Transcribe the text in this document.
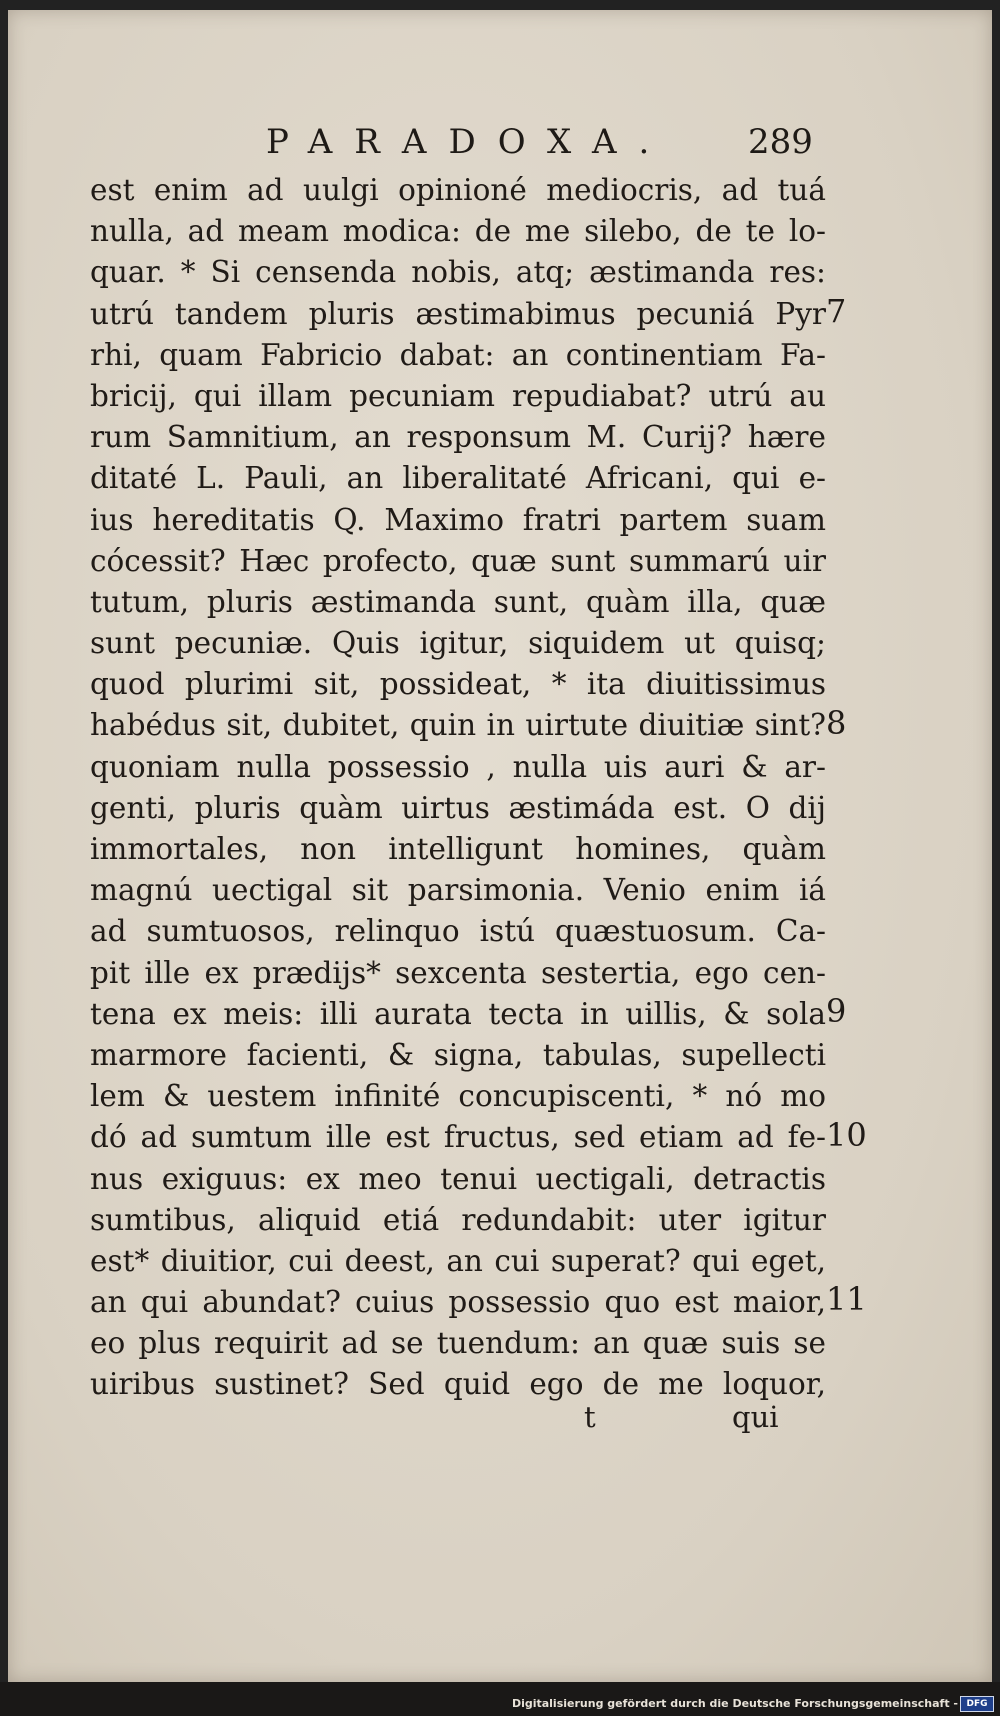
PARADOXA. 289
est enim ad uulgi opinioné mediocris, ad tuá
nulla, ad meam modica: de me silebo, de te lo-
quar. * Si censenda nobis, atq; æstimanda res:
utrú tandem pluris æstimabimus pecuniá Pyr
rhi, quam Fabricio dabat: an continentiam Fa-
bricij, qui illam pecuniam repudiabat? utrú au
rum Samnitium, an responsum M. Curij? hære
ditaté L. Pauli, an liberalitaté Africani, qui e-
ius hereditatis Q. Maximo fratri partem suam
cócessit? Hæc profecto, quæ sunt summarú uir
tutum, pluris æstimanda sunt, quàm illa, quæ
sunt pecuniæ. Quis igitur, siquidem ut quisq;
quod plurimi sit, possideat, * ita diuitissimus
habédus sit, dubitet, quin in uirtute diuitiæ sint?
quoniam nulla possessio , nulla uis auri & ar-
genti, pluris quàm uirtus æstimáda est. O dij
immortales, non intelligunt homines, quàm
magnú uectigal sit parsimonia. Venio enim iá
ad sumtuosos, relinquo istú quæstuosum. Ca-
pit ille ex prædijs* sexcenta sestertia, ego cen-
tena ex meis: illi aurata tecta in uillis, & sola
marmore facienti, & signa, tabulas, supellecti
lem & uestem infinité concupiscenti, * nó mo
dó ad sumtum ille est fructus, sed etiam ad fe-
nus exiguus: ex meo tenui uectigali, detractis
sumtibus, aliquid etiá redundabit: uter igitur
est* diuitior, cui deest, an cui superat? qui eget,
an qui abundat? cuius possessio quo est maior,
eo plus requirit ad se tuendum: an quæ suis se
uiribus sustinet? Sed quid ego de me loquor,
7
8
9
10
11
t	qui
Digitalisierung gefördert durch die Deutsche Forschungsgemeinschaft - DFG
